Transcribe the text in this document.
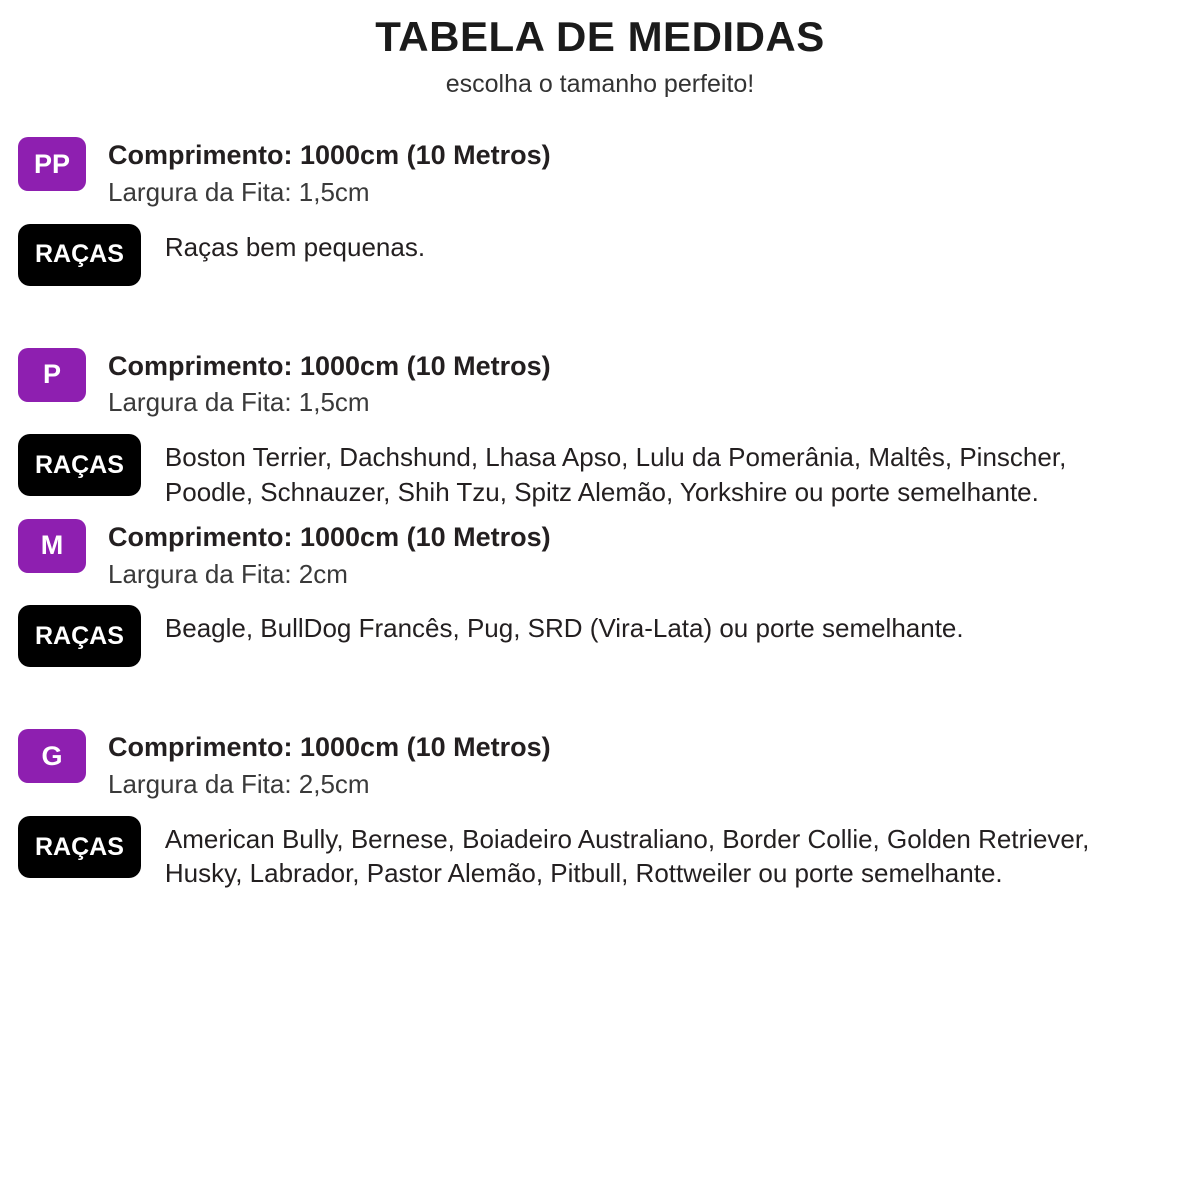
TABELA DE MEDIDAS
escolha o tamanho perfeito!
PP	Comprimento: 1000cm (10 Metros)
Largura da Fita: 1,5cm
RAÇAS	Raças bem pequenas.
P	Comprimento: 1000cm (10 Metros)
Largura da Fita: 1,5cm
RAÇAS	Boston Terrier, Dachshund, Lhasa Apso, Lulu da Pomerânia, Maltês, Pinscher, Poodle, Schnauzer, Shih Tzu, Spitz Alemão, Yorkshire ou porte semelhante.
M	Comprimento: 1000cm (10 Metros)
Largura da Fita: 2cm
RAÇAS	Beagle, BullDog Francês, Pug, SRD (Vira-Lata) ou porte semelhante.
G	Comprimento: 1000cm (10 Metros)
Largura da Fita: 2,5cm
RAÇAS	American Bully, Bernese, Boiadeiro Australiano, Border Collie, Golden Retriever, Husky, Labrador, Pastor Alemão, Pitbull, Rottweiler ou porte semelhante.
